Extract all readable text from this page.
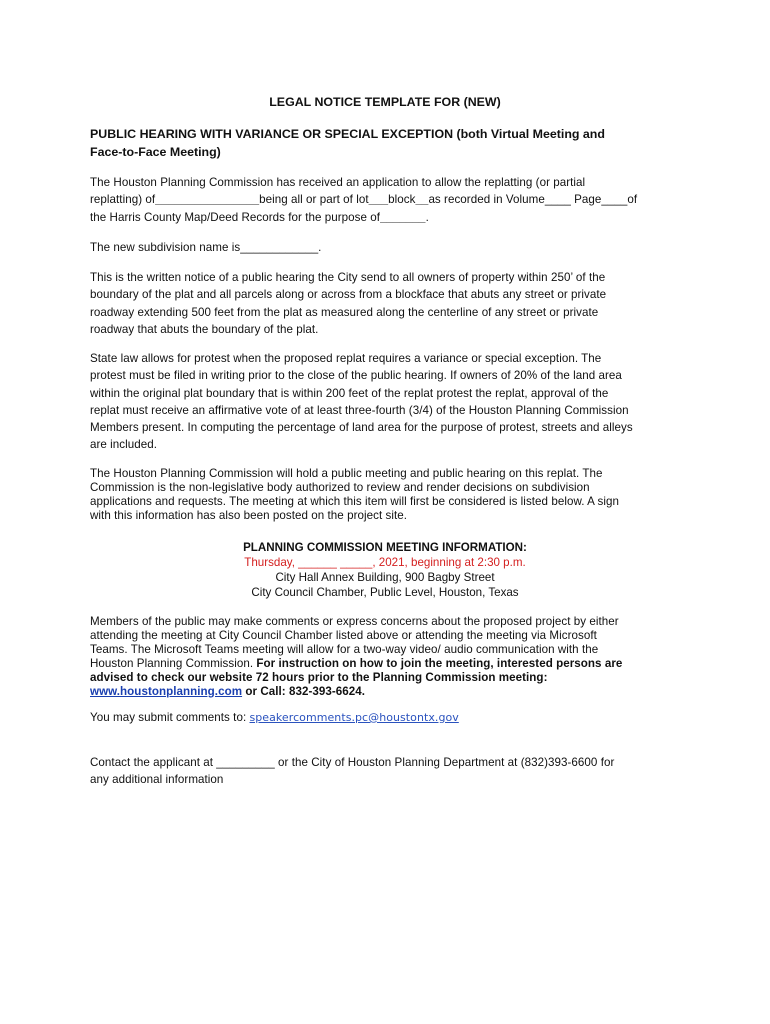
LEGAL NOTICE TEMPLATE FOR (NEW)
PUBLIC HEARING WITH VARIANCE OR SPECIAL EXCEPTION (both Virtual Meeting and
Face-to-Face Meeting)
The Houston Planning Commission has received an application to allow the replatting (or partial
replatting) of________________being all or part of lot___block__as recorded in Volume____ Page____of
the Harris County Map/Deed Records for the purpose of_______.
The new subdivision name is____________.
This is the written notice of a public hearing the City send to all owners of property within 250’ of the
boundary of the plat and all parcels along or across from a blockface that abuts any street or private
roadway extending 500 feet from the plat as measured along the centerline of any street or private
roadway that abuts the boundary of the plat.
State law allows for protest when the proposed replat requires a variance or special exception. The
protest must be filed in writing prior to the close of the public hearing. If owners of 20% of the land area
within the original plat boundary that is within 200 feet of the replat protest the replat, approval of the
replat must receive an affirmative vote of at least three-fourth (3/4) of the Houston Planning Commission
Members present. In computing the percentage of land area for the purpose of protest, streets and alleys
are included.
The Houston Planning Commission will hold a public meeting and public hearing on this replat. The
Commission is the non-legislative body authorized to review and render decisions on subdivision
applications and requests. The meeting at which this item will first be considered is listed below. A sign
with this information has also been posted on the project site.
PLANNING COMMISSION MEETING INFORMATION:
Thursday, ______ _____, 2021, beginning at 2:30 p.m.
City Hall Annex Building, 900 Bagby Street
City Council Chamber, Public Level, Houston, Texas
Members of the public may make comments or express concerns about the proposed project by either
attending the meeting at City Council Chamber listed above or attending the meeting via Microsoft
Teams. The Microsoft Teams meeting will allow for a two-way video/ audio communication with the
Houston Planning Commission. For instruction on how to join the meeting, interested persons are
advised to check our website 72 hours prior to the Planning Commission meeting:
www.houstonplanning.com or Call: 832-393-6624.
You may submit comments to: speakercomments.pc@houstontx.gov
Contact the applicant at _________ or the City of Houston Planning Department at (832)393-6600 for
any additional information
